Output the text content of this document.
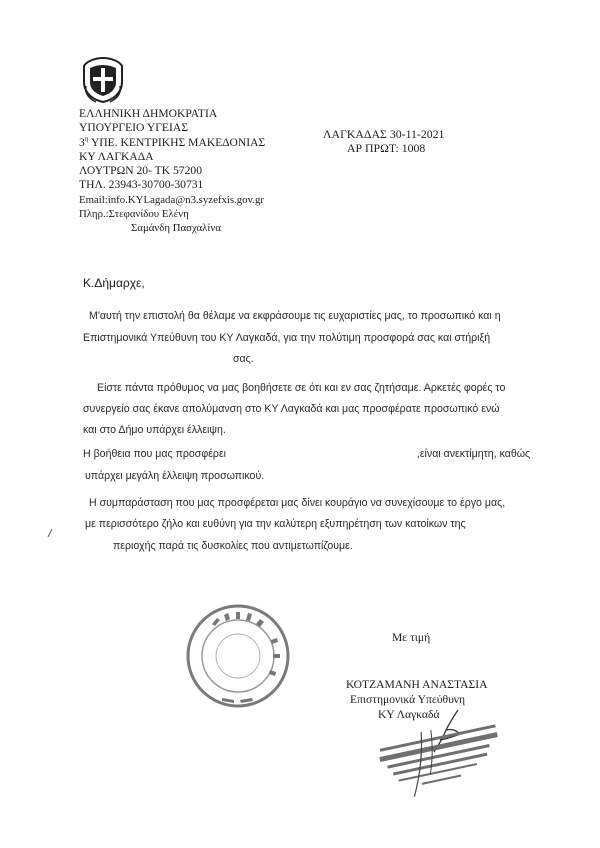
ΕΛΛΗΝΙΚΗ ΔΗΜΟΚΡΑΤΙΑ
ΥΠΟΥΡΓΕΙΟ ΥΓΕΙΑΣ
$3^\eta$ ΥΠΕ. ΚΕΝΤΡΙΚΗΣ ΜΑΚΕΔΟΝΙΑΣ
ΚΥ ΛΑΓΚΑΔΑ
ΛΟΥΤΡΩΝ 20- ΤΚ 57200
ΤΗΛ. 23943-30700-30731
Email:info.KYLagada@n3.syzefxis.gov.gr
Πληρ.:Στεφανίδου Ελένη
Σαμάνδη Πασχαλίνα
ΛΑΓΚΑΔΑΣ 30-11-2021
ΑΡ ΠΡΩΤ: 1008
Κ.Δήμαρχε,
Μ'αυτή την επιστολή θα θέλαμε να εκφράσουμε τις ευχαριστίες μας, το προσωπικό και η
Επιστημονικά Υπεύθυνη του ΚΥ Λαγκαδά, για την πολύτιμη προσφορά σας και στήριξή
σας.
Είστε πάντα πρόθυμος να μας βοηθήσετε σε ότι και εν σας ζητήσαμε. Αρκετές φορές το
συνεργείο σας έκανε απολύμανση στο ΚΥ Λαγκαδά και μας προσφέρατε προσωπικό ενώ
και στο Δήμο υπάρχει έλλειψη.
Η βοήθεια που μας προσφέρει	,είναι ανεκτίμητη, καθώς
υπάρχει μεγάλη έλλειψη προσωπικού.
Η συμπαράσταση που μας προσφέρεται μας δίνει κουράγιο να συνεχίσουμε το έργο μας,
με περισσότερο ζήλο και ευθύνη για την καλύτερη εξυπηρέτηση των κατοίκων της
περιοχής παρά τις δυσκολίες που αντιμετωπίζουμε.
Με τιμή
ΚΟΤΖΑΜΑΝΗ ΑΝΑΣΤΑΣΙΑ
Επιστημονικά Υπεύθυνη
ΚΥ Λαγκαδά
